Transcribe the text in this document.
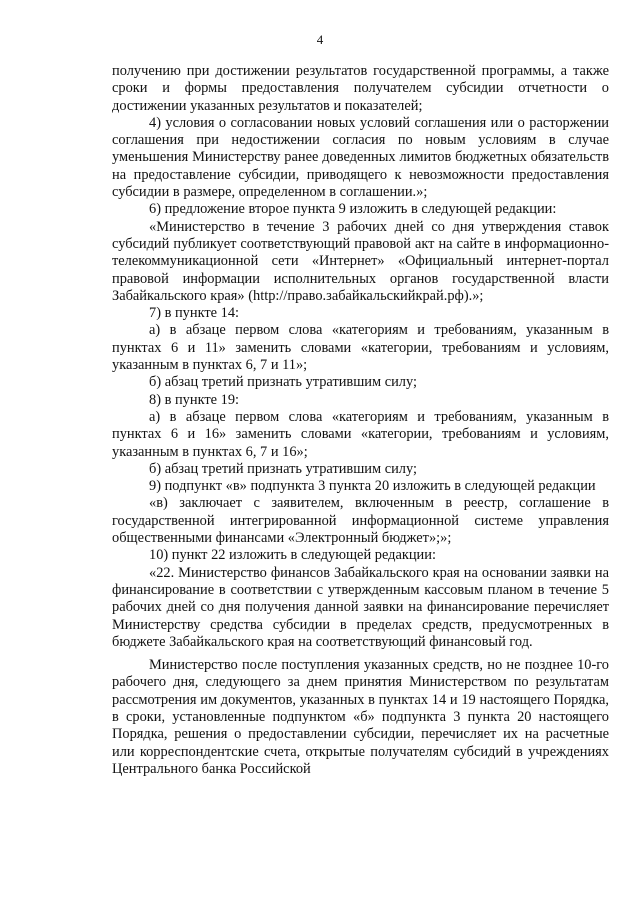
4

получению при достижении результатов государственной программы, а также сроки и формы предоставления получателем субсидии отчетности о достижении указанных результатов и показателей;

4) условия о согласовании новых условий соглашения или о расторжении соглашения при недостижении согласия по новым условиям в случае уменьшения Министерству ранее доведенных лимитов бюджетных обязательств на предоставление субсидии, приводящего к невозможности предоставления субсидии в размере, определенном в соглашении.»;

6) предложение второе пункта 9 изложить в следующей редакции:

«Министерство в течение 3 рабочих дней со дня утверждения ставок субсидий публикует соответствующий правовой акт на сайте в информационно-телекоммуникационной сети «Интернет» «Официальный интернет-портал правовой информации исполнительных органов государственной власти Забайкальского края» (http://право.забайкальскийкрай.рф).»;

7) в пункте 14:

а) в абзаце первом слова «категориям и требованиям, указанным в пунктах 6 и 11» заменить словами «категории, требованиям и условиям, указанным в пунктах 6, 7 и 11»;

б) абзац третий признать утратившим силу;

8) в пункте 19:

а) в абзаце первом слова «категориям и требованиям, указанным в пунктах 6 и 16» заменить словами «категории, требованиям и условиям, указанным в пунктах 6, 7 и 16»;

б) абзац третий признать утратившим силу;

9) подпункт «в» подпункта 3 пункта 20 изложить в следующей редакции

«в) заключает с заявителем, включенным в реестр, соглашение в государственной интегрированной информационной системе управления общественными финансами «Электронный бюджет»;»;

10) пункт 22 изложить в следующей редакции:

«22. Министерство финансов Забайкальского края на основании заявки на финансирование в соответствии с утвержденным кассовым планом в течение 5 рабочих дней со дня получения данной заявки на финансирование перечисляет Министерству средства субсидии в пределах средств, предусмотренных в бюджете Забайкальского края на соответствующий финансовый год.

Министерство после поступления указанных средств, но не позднее 10-го рабочего дня, следующего за днем принятия Министерством по результатам рассмотрения им документов, указанных в пунктах 14 и 19 настоящего Порядка, в сроки, установленные подпунктом «б» подпункта 3 пункта 20 настоящего Порядка, решения о предоставлении субсидии, перечисляет их на расчетные или корреспондентские счета, открытые получателям субсидий в учреждениях Центрального банка Российской
